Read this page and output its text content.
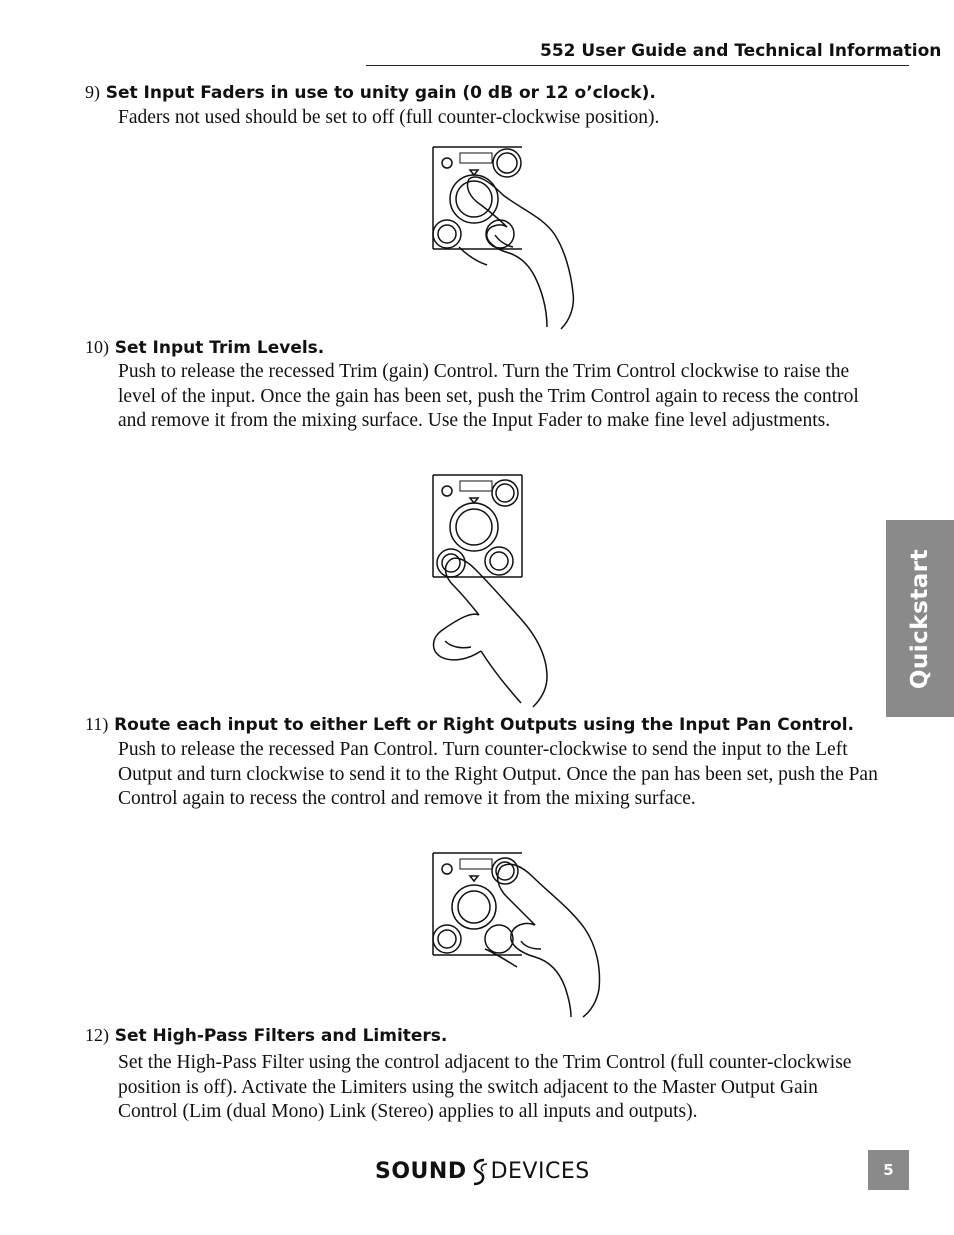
552 User Guide and Technical Information
9) Set Input Faders in use to unity gain (0 dB or 12 o’clock).

Faders not used should be set to off (full counter-clockwise position).

10) Set Input Trim Levels.

Push to release the recessed Trim (gain) Control. Turn the Trim Control clockwise to raise the level of the input. Once the gain has been set, push the Trim Control again to recess the control and remove it from the mixing surface. Use the Input Fader to make fine level adjustments.

11) Route each input to either Left or Right Outputs using the Input Pan Control.

Push to release the recessed Pan Control. Turn counter-clockwise to send the input to the Left Output and turn clockwise to send it to the Right Output. Once the pan has been set, push the Pan Control again to recess the control and remove it from the mixing surface.

12) Set High-Pass Filters and Limiters.

Set the High-Pass Filter using the control adjacent to the Trim Control (full counter-clockwise position is off). Activate the Limiters using the switch adjacent to the Master Output Gain Control (Lim (dual Mono) Link (Stereo) applies to all inputs and outputs).

Quickstart
SOUND DEVICES	5
